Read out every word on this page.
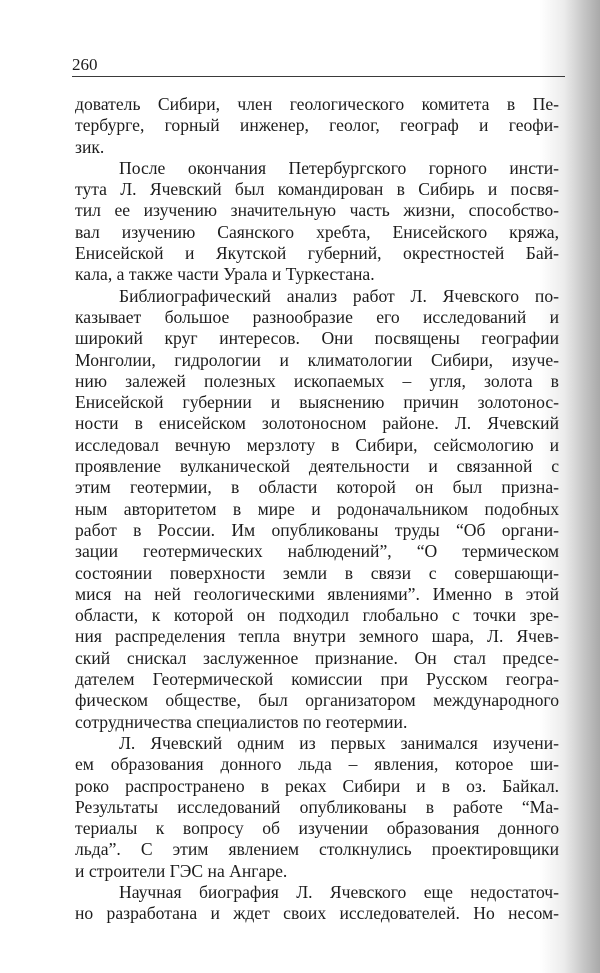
260

дователь Сибири, член геологического комитета в Пе-
тербурге, горный инженер, геолог, географ и геофи-
зик.

После окончания Петербургского горного инсти-
тута Л. Ячевский был командирован в Сибирь и посвя-
тил ее изучению значительную часть жизни, способство-
вал изучению Саянского хребта, Енисейского кряжа,
Енисейской и Якутской губерний, окрестностей Бай-
кала, а также части Урала и Туркестана.

Библиографический анализ работ Л. Ячевского по-
казывает большое разнообразие его исследований и
широкий круг интересов. Они посвящены географии
Монголии, гидрологии и климатологии Сибири, изуче-
нию залежей полезных ископаемых – угля, золота в
Енисейской губернии и выяснению причин золотонос-
ности в енисейском золотоносном районе. Л. Ячевский
исследовал вечную мерзлоту в Сибири, сейсмологию и
проявление вулканической деятельности и связанной с
этим геотермии, в области которой он был призна-
ным авторитетом в мире и родоначальником подобных
работ в России. Им опубликованы труды “Об органи-
зации геотермических наблюдений”, “О термическом
состоянии поверхности земли в связи с совершающи-
мися на ней геологическими явлениями”. Именно в этой
области, к которой он подходил глобально с точки зре-
ния распределения тепла внутри земного шара, Л. Ячев-
ский снискал заслуженное признание. Он стал предсе-
дателем Геотермической комиссии при Русском геогра-
фическом обществе, был организатором международного
сотрудничества специалистов по геотермии.

Л. Ячевский одним из первых занимался изучени-
ем образования донного льда – явления, которое ши-
роко распространено в реках Сибири и в оз. Байкал.
Результаты исследований опубликованы в работе “Ма-
териалы к вопросу об изучении образования донного
льда”. С этим явлением столкнулись проектировщики
и строители ГЭС на Ангаре.

Научная биография Л. Ячевского еще недостаточ-
но разработана и ждет своих исследователей. Но несом-
